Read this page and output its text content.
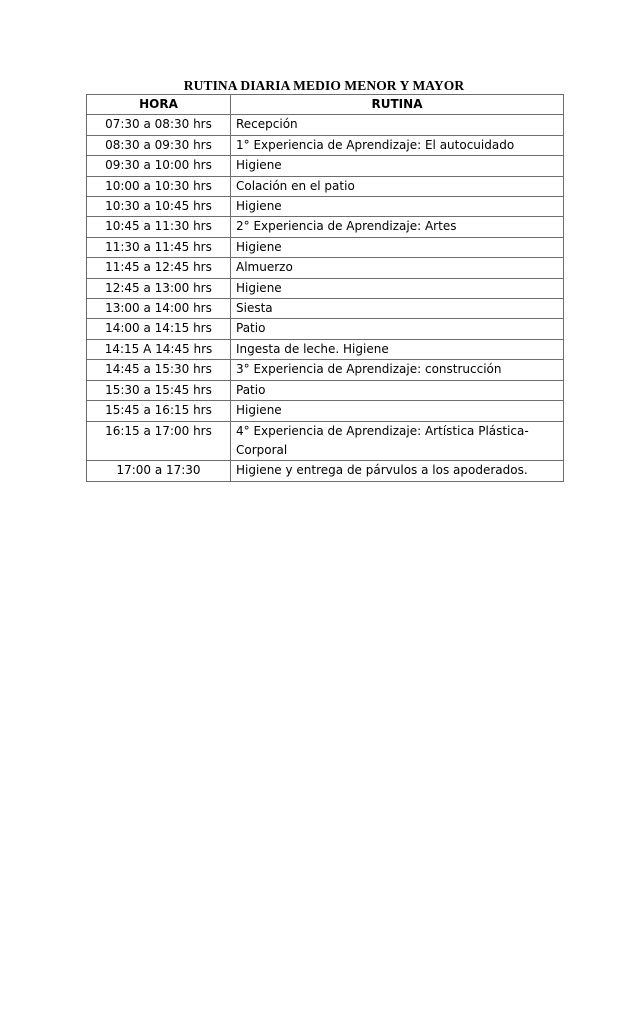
RUTINA DIARIA MEDIO MENOR Y MAYOR
HORA	RUTINA
07:30 a 08:30 hrs	Recepción
08:30 a 09:30 hrs	1° Experiencia de Aprendizaje: El autocuidado
09:30 a 10:00 hrs	Higiene
10:00 a 10:30 hrs	Colación en el patio
10:30 a 10:45 hrs	Higiene
10:45 a 11:30 hrs	2° Experiencia de Aprendizaje: Artes
11:30 a 11:45 hrs	Higiene
11:45 a 12:45 hrs	Almuerzo
12:45 a 13:00 hrs	Higiene
13:00 a 14:00 hrs	Siesta
14:00 a 14:15 hrs	Patio
14:15 A 14:45 hrs	Ingesta de leche. Higiene
14:45 a 15:30 hrs	3° Experiencia de Aprendizaje: construcción
15:30 a 15:45 hrs	Patio
15:45 a 16:15 hrs	Higiene
16:15 a 17:00 hrs	4° Experiencia de Aprendizaje: Artística Plástica-Corporal
17:00 a 17:30	Higiene y entrega de párvulos a los apoderados.
